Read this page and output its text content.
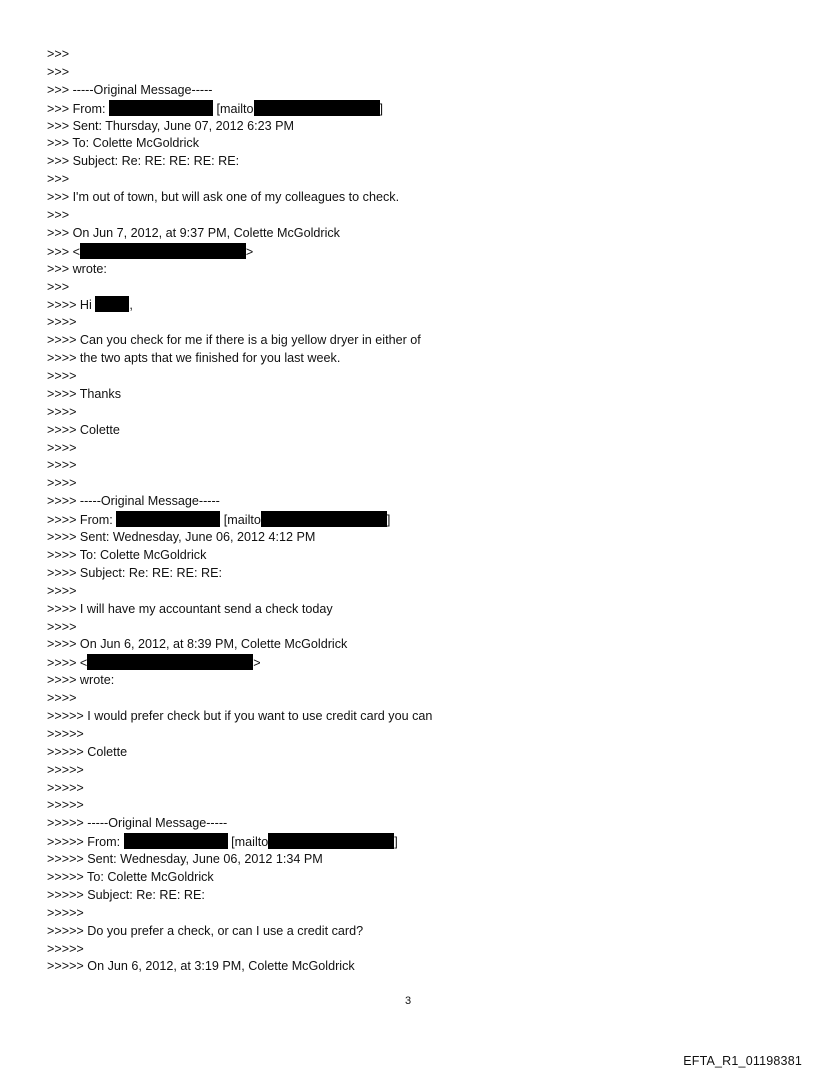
>>>
>>>
>>> -----Original Message-----
>>> From:	[mailto	]
>>> Sent: Thursday, June 07, 2012 6:23 PM
>>> To: Colette McGoldrick
>>> Subject: Re: RE: RE: RE: RE:
>>>
>>> I'm out of town, but will ask one of my colleagues to check.
>>>
>>> On Jun 7, 2012, at 9:37 PM, Colette McGoldrick
>>> <	>
>>> wrote:
>>>
>>>> Hi	,
>>>>
>>>> Can you check for me if there is a big yellow dryer in either of
>>>> the two apts that we finished for you last week.
>>>>
>>>> Thanks
>>>>
>>>> Colette
>>>>
>>>>
>>>>
>>>> -----Original Message-----
>>>> From:	[mailto	]
>>>> Sent: Wednesday, June 06, 2012 4:12 PM
>>>> To: Colette McGoldrick
>>>> Subject: Re: RE: RE: RE:
>>>>
>>>> I will have my accountant send a check today
>>>>
>>>> On Jun 6, 2012, at 8:39 PM, Colette McGoldrick
>>>> <	>
>>>> wrote:
>>>>
>>>>> I would prefer check but if you want to use credit card you can
>>>>>
>>>>> Colette
>>>>>
>>>>>
>>>>>
>>>>> -----Original Message-----
>>>>> From:	[mailto	]
>>>>> Sent: Wednesday, June 06, 2012 1:34 PM
>>>>> To: Colette McGoldrick
>>>>> Subject: Re: RE: RE:
>>>>>
>>>>> Do you prefer a check, or can I use a credit card?
>>>>>
>>>>> On Jun 6, 2012, at 3:19 PM, Colette McGoldrick
3
EFTA_R1_01198381
